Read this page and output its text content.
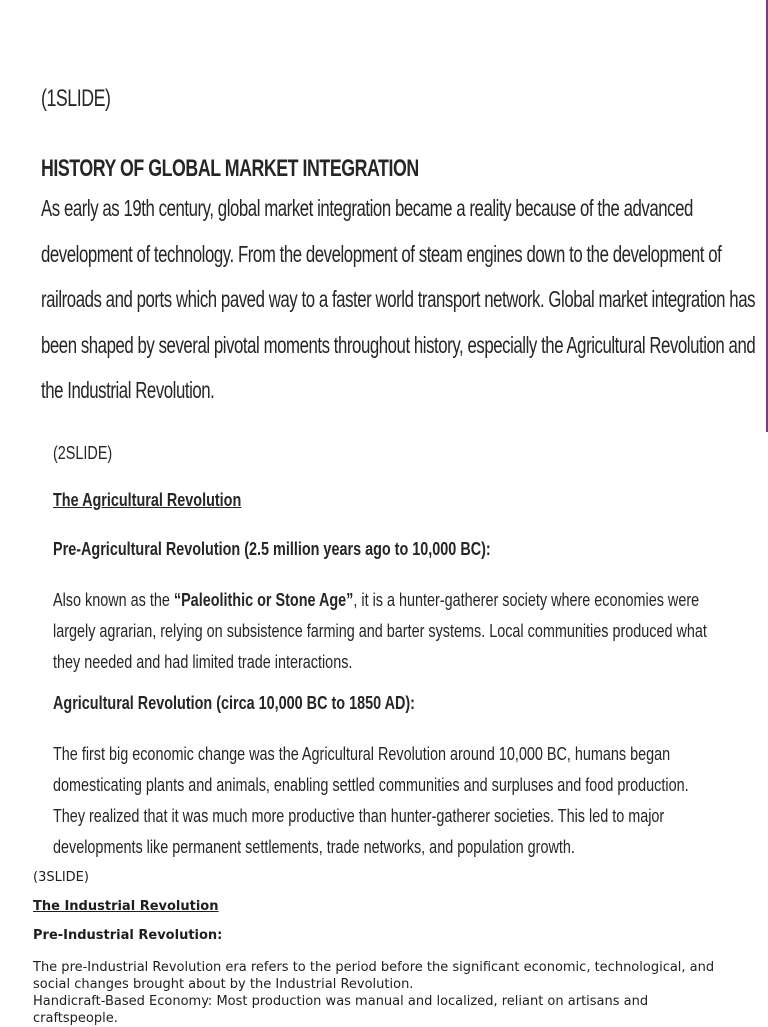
(1SLIDE)

HISTORY OF GLOBAL MARKET INTEGRATION

As early as 19th century, global market integration became a reality because of the advanced
development of technology. From the development of steam engines down to the development of
railroads and ports which paved way to a faster world transport network. Global market integration has
been shaped by several pivotal moments throughout history, especially the Agricultural Revolution and
the Industrial Revolution.
(2SLIDE)
The Agricultural Revolution
Pre-Agricultural Revolution (2.5 million years ago to 10,000 BC):
Also known as the “Paleolithic or Stone Age”, it is a hunter-gatherer society where economies were
largely agrarian, relying on subsistence farming and barter systems. Local communities produced what
they needed and had limited trade interactions.
Agricultural Revolution (circa 10,000 BC to 1850 AD):
The first big economic change was the Agricultural Revolution around 10,000 BC, humans began
domesticating plants and animals, enabling settled communities and surpluses and food production.
They realized that it was much more productive than hunter-gatherer societies. This led to major
developments like permanent settlements, trade networks, and population growth.
(3SLIDE)
The Industrial Revolution
Pre-Industrial Revolution:
The pre-Industrial Revolution era refers to the period before the significant economic, technological, and
social changes brought about by the Industrial Revolution.
Handicraft-Based Economy: Most production was manual and localized, reliant on artisans and
craftspeople.
